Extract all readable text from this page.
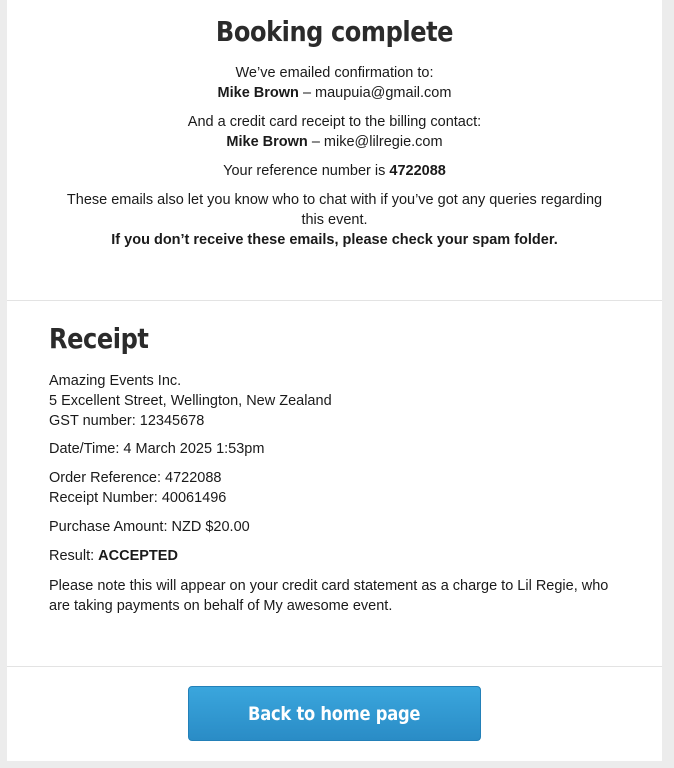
Booking complete
We’ve emailed confirmation to:
Mike Brown – maupuia@gmail.com
And a credit card receipt to the billing contact:
Mike Brown – mike@lilregie.com
Your reference number is 4722088
These emails also let you know who to chat with if you’ve got any queries regarding
this event.
If you don’t receive these emails, please check your spam folder.
Receipt
Amazing Events Inc.
5 Excellent Street, Wellington, New Zealand
GST number: 12345678
Date/Time: 4 March 2025 1:53pm
Order Reference: 4722088
Receipt Number: 40061496
Purchase Amount: NZD $20.00
Result: ACCEPTED
Please note this will appear on your credit card statement as a charge to Lil Regie, who
are taking payments on behalf of My awesome event.
Back to home page
